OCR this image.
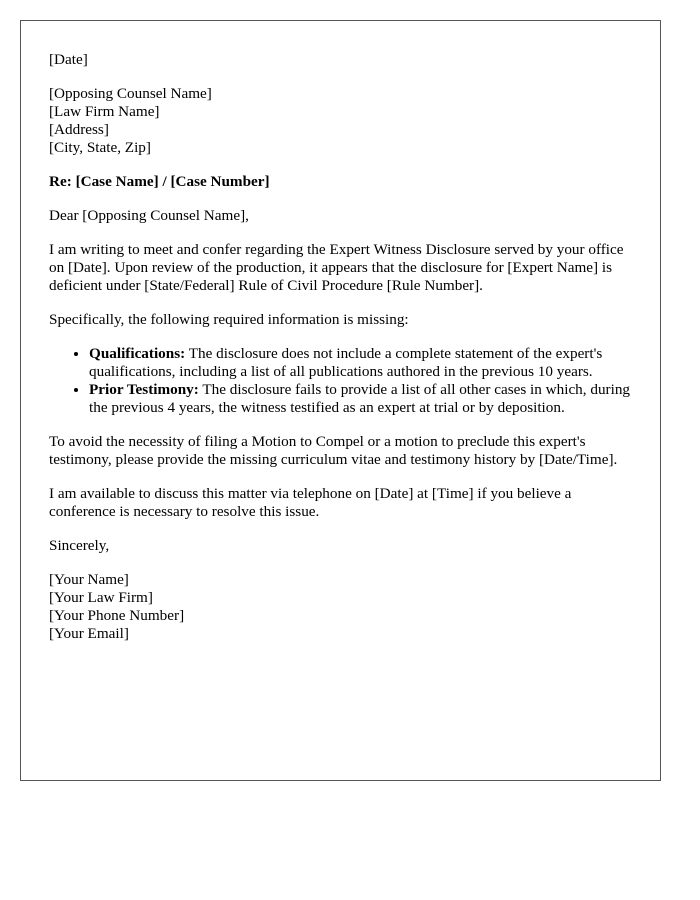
[Date]
[Opposing Counsel Name]
[Law Firm Name]
[Address]
[City, State, Zip]

Re: [Case Name] / [Case Number]

Dear [Opposing Counsel Name],

I am writing to meet and confer regarding the Expert Witness Disclosure served by your office on [Date]. Upon review of the production, it appears that the disclosure for [Expert Name] is deficient under [State/Federal] Rule of Civil Procedure [Rule Number].

Specifically, the following required information is missing:

• Qualifications: The disclosure does not include a complete statement of the expert's qualifications, including a list of all publications authored in the previous 10 years.
• Prior Testimony: The disclosure fails to provide a list of all other cases in which, during the previous 4 years, the witness testified as an expert at trial or by deposition.

To avoid the necessity of filing a Motion to Compel or a motion to preclude this expert's testimony, please provide the missing curriculum vitae and testimony history by [Date/Time].

I am available to discuss this matter via telephone on [Date] at [Time] if you believe a conference is necessary to resolve this issue.

Sincerely,

[Your Name]
[Your Law Firm]
[Your Phone Number]
[Your Email]
